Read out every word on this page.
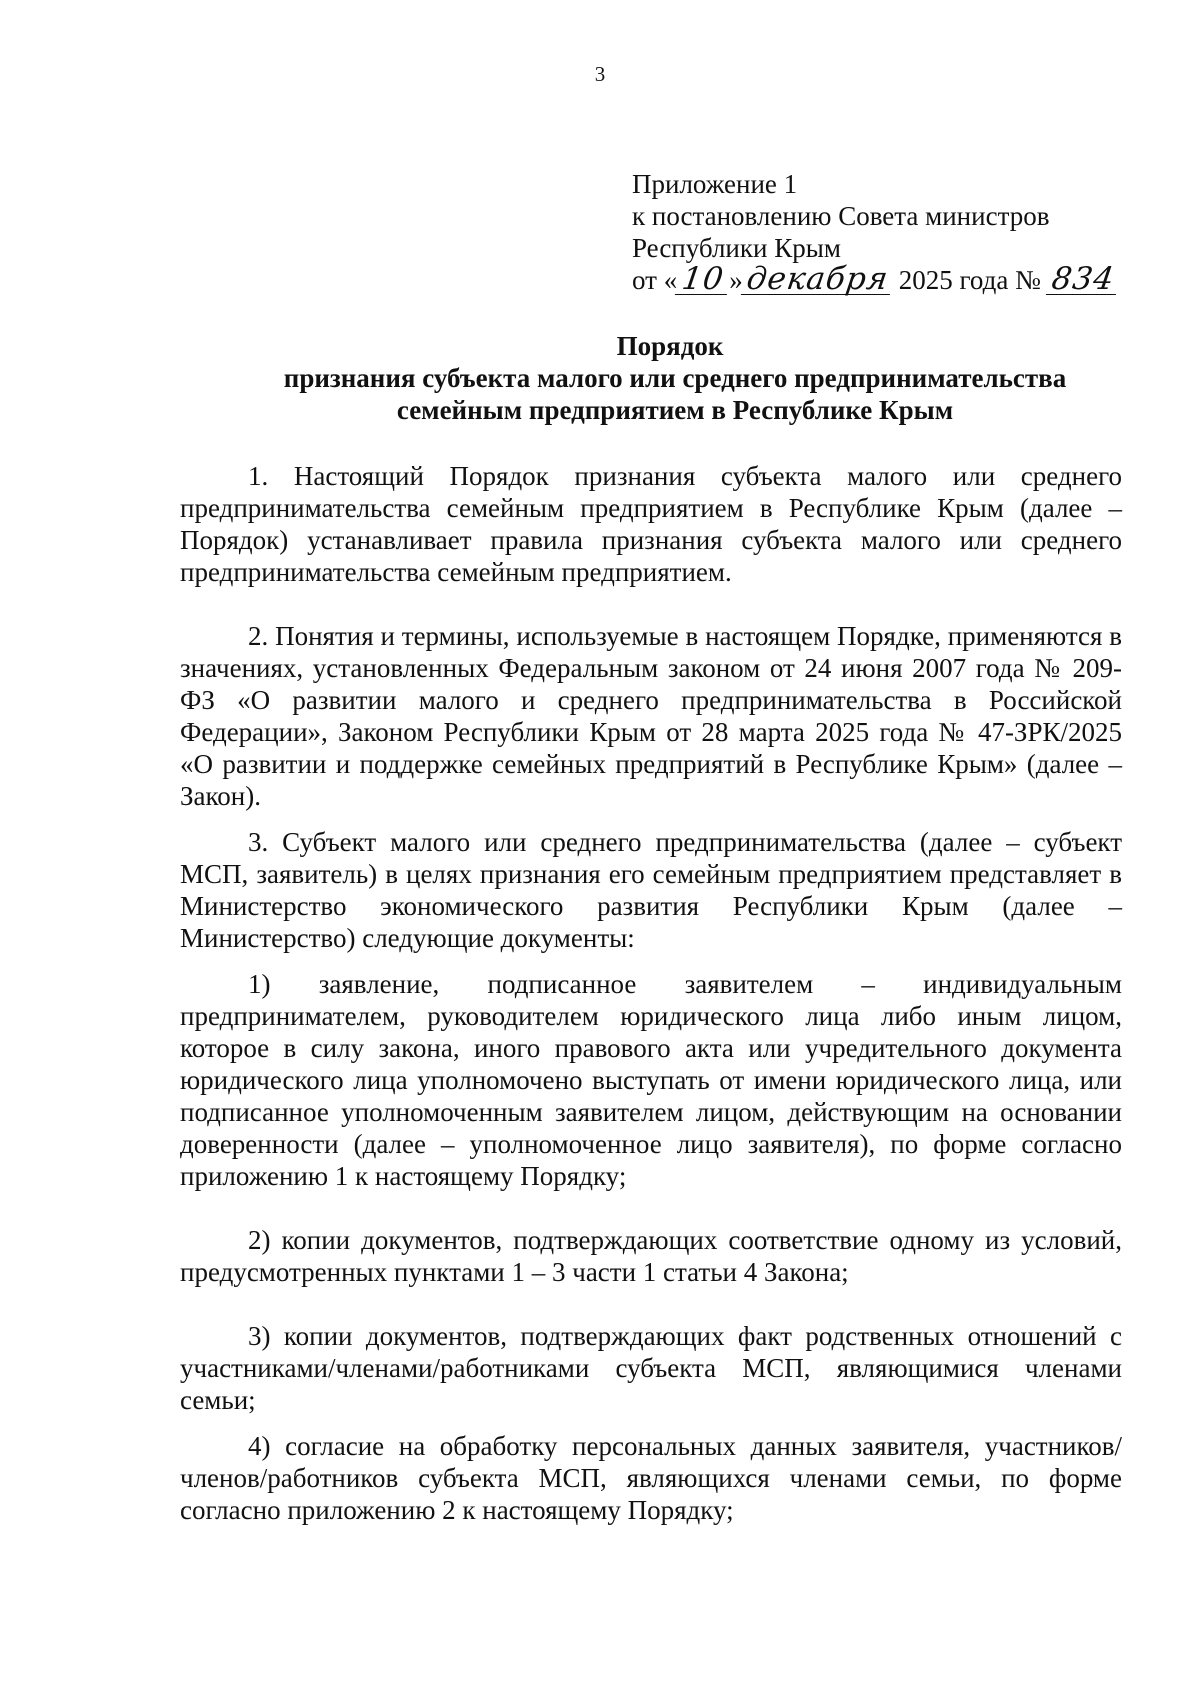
3
Приложение 1
к постановлению Совета министров
Республики Крым
от «10»декабря 2025 года № 834
Порядок
признания субъекта малого или среднего предпринимательства
семейным предприятием в Республике Крым

1. Настоящий Порядок признания субъекта малого или среднего предпринимательства семейным предприятием в Республике Крым (далее – Порядок) устанавливает правила признания субъекта малого или среднего предпринимательства семейным предприятием.

2. Понятия и термины, используемые в настоящем Порядке, применяются в значениях, установленных Федеральным законом от 24 июня 2007 года № 209-ФЗ «О развитии малого и среднего предпринимательства в Российской Федерации», Законом Республики Крым от 28 марта 2025 года № 47-ЗРК/2025 «О развитии и поддержке семейных предприятий в Республике Крым» (далее – Закон).

3. Субъект малого или среднего предпринимательства (далее – субъект МСП, заявитель) в целях признания его семейным предприятием представляет в Министерство экономического развития Республики Крым (далее – Министерство) следующие документы:

1) заявление, подписанное заявителем – индивидуальным предпринимателем, руководителем юридического лица либо иным лицом, которое в силу закона, иного правового акта или учредительного документа юридического лица уполномочено выступать от имени юридического лица, или подписанное уполномоченным заявителем лицом, действующим на основании доверенности (далее – уполномоченное лицо заявителя), по форме согласно приложению 1 к настоящему Порядку;

2) копии документов, подтверждающих соответствие одному из условий, предусмотренных пунктами 1 – 3 части 1 статьи 4 Закона;

3) копии документов, подтверждающих факт родственных отношений с участниками/членами/работниками субъекта МСП, являющимися членами семьи;

4) согласие на обработку персональных данных заявителя, участников/членов/работников субъекта МСП, являющихся членами семьи, по форме согласно приложению 2 к настоящему Порядку;
